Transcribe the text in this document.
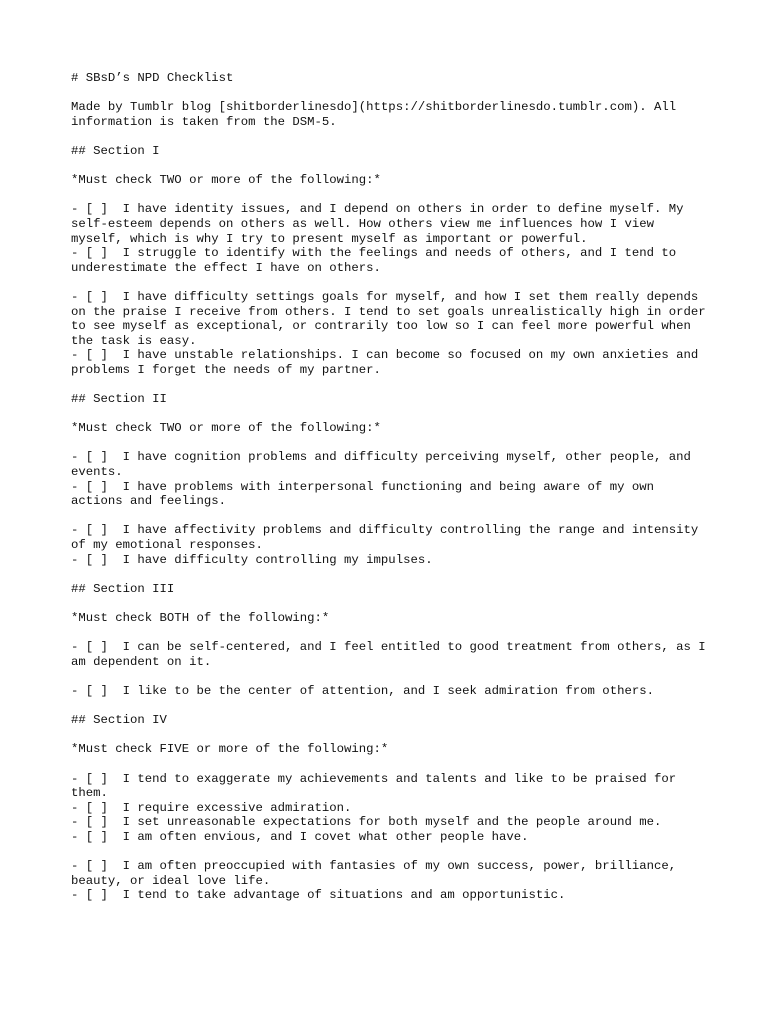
# SBsD’s NPD Checklist
Made by Tumblr blog [shitborderlinesdo](https://shitborderlinesdo.tumblr.com). All information is taken from the DSM-5.
## Section I
*Must check TWO or more of the following:*
- [ ]  I have identity issues, and I depend on others in order to define myself. My self-esteem depends on others as well. How others view me influences how I view myself, which is why I try to present myself as important or powerful.
- [ ]  I struggle to identify with the feelings and needs of others, and I tend to underestimate the effect I have on others.
- [ ]  I have difficulty settings goals for myself, and how I set them really depends on the praise I receive from others. I tend to set goals unrealistically high in order to see myself as exceptional, or contrarily too low so I can feel more powerful when the task is easy.
- [ ]  I have unstable relationships. I can become so focused on my own anxieties and problems I forget the needs of my partner.
## Section II
*Must check TWO or more of the following:*
- [ ]  I have cognition problems and difficulty perceiving myself, other people, and events.
- [ ]  I have problems with interpersonal functioning and being aware of my own actions and feelings.
- [ ]  I have affectivity problems and difficulty controlling the range and intensity of my emotional responses.
- [ ]  I have difficulty controlling my impulses.
## Section III
*Must check BOTH of the following:*
- [ ]  I can be self-centered, and I feel entitled to good treatment from others, as I am dependent on it.
- [ ]  I like to be the center of attention, and I seek admiration from others.
## Section IV
*Must check FIVE or more of the following:*
- [ ]  I tend to exaggerate my achievements and talents and like to be praised for them.
- [ ]  I require excessive admiration.
- [ ]  I set unreasonable expectations for both myself and the people around me.
- [ ]  I am often envious, and I covet what other people have.
- [ ]  I am often preoccupied with fantasies of my own success, power, brilliance, beauty, or ideal love life.
- [ ]  I tend to take advantage of situations and am opportunistic.
